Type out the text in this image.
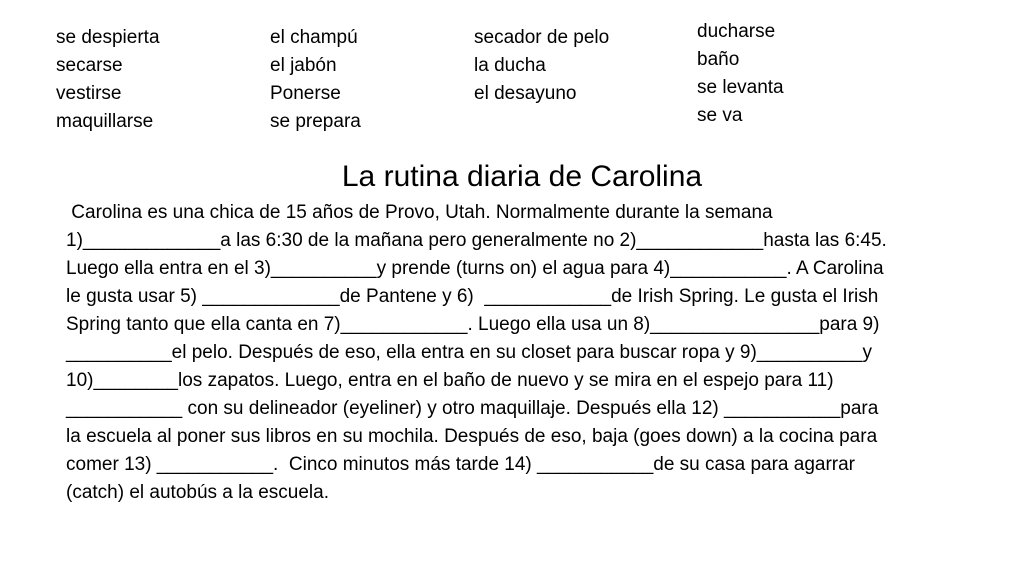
se despierta
secarse
vestirse
maquillarse
el champú
el jabón
Ponerse
se prepara
secador de pelo
la ducha
el desayuno
ducharse
baño
se levanta
se va
La rutina diaria de Carolina
Carolina es una chica de 15 años de Provo, Utah. Normalmente durante la semana
1)_____________a las 6:30 de la mañana pero generalmente no 2)____________hasta las 6:45.
Luego ella entra en el 3)__________y prende (turns on) el agua para 4)___________. A Carolina
le gusta usar 5) _____________de Pantene y 6)  ____________de Irish Spring. Le gusta el Irish
Spring tanto que ella canta en 7)____________. Luego ella usa un 8)________________para 9)
__________el pelo. Después de eso, ella entra en su closet para buscar ropa y 9)__________y
10)________los zapatos. Luego, entra en el baño de nuevo y se mira en el espejo para 11)
___________ con su delineador (eyeliner) y otro maquillaje. Después ella 12) ___________para
la escuela al poner sus libros en su mochila. Después de eso, baja (goes down) a la cocina para
comer 13) ___________.  Cinco minutos más tarde 14) ___________de su casa para agarrar
(catch) el autobús a la escuela.
